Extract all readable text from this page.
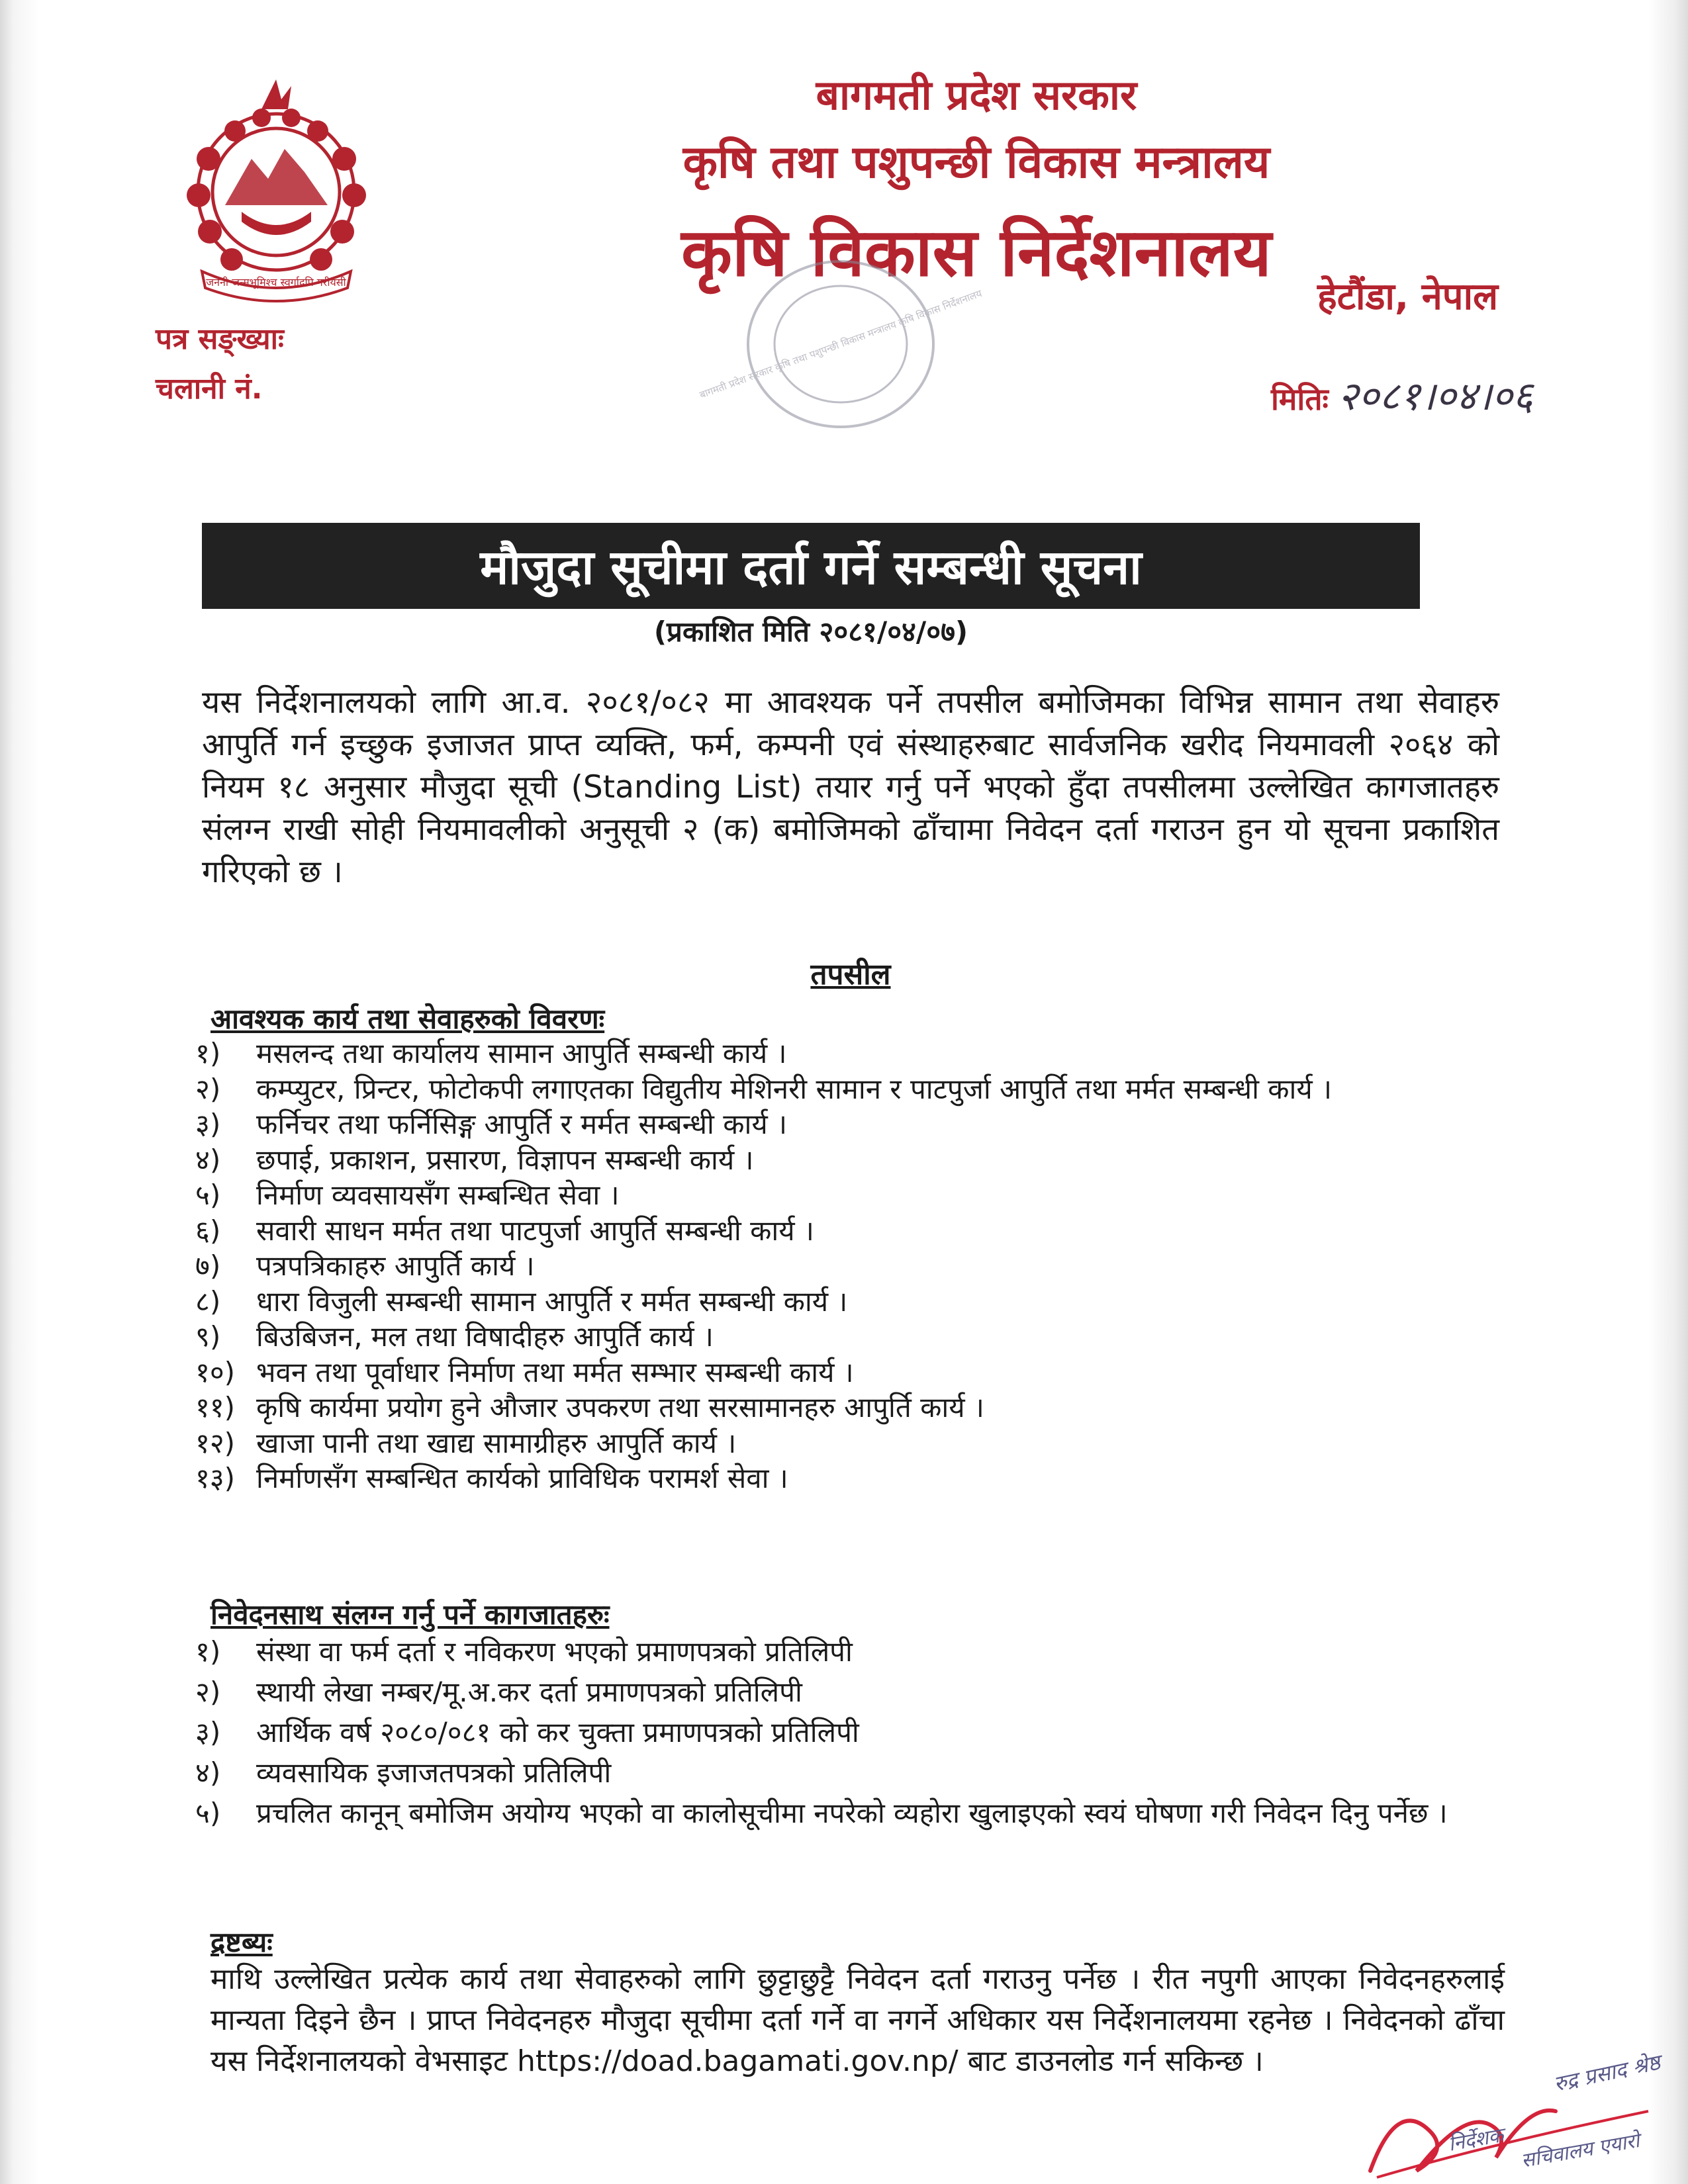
जननी जन्मभूमिश्च स्वर्गादपि गरीयसी
बागमती प्रदेश सरकार
कृषि तथा पशुपन्छी विकास मन्त्रालय
कृषि विकास निर्देशनालय
हेटौंडा, नेपाल
बागमती प्रदेश सरकार कृषि तथा पशुपन्छी विकास मन्त्रालय कृषि विकास निर्देशनालय
पत्र सङ्ख्याः
चलानी नं.	मितिः २०८१।०४।०६
मौजुदा सूचीमा दर्ता गर्ने सम्बन्धी सूचना
(प्रकाशित मिति २०८१/०४/०७)

यस निर्देशनालयको लागि आ.व. २०८१/०८२ मा आवश्यक पर्ने तपसील बमोजिमका विभिन्न सामान तथा सेवाहरु आपुर्ति गर्न इच्छुक इजाजत प्राप्त व्यक्ति, फर्म, कम्पनी एवं संस्थाहरुबाट सार्वजनिक खरीद नियमावली २०६४ को नियम १८ अनुसार मौजुदा सूची (Standing List) तयार गर्नु पर्ने भएको हुँदा तपसीलमा उल्लेखित कागजातहरु संलग्न राखी सोही नियमावलीको अनुसूची २ (क) बमोजिमको ढाँचामा निवेदन दर्ता गराउन हुन यो सूचना प्रकाशित गरिएको छ ।

तपसील
आवश्यक कार्य तथा सेवाहरुको विवरणः
१)	मसलन्द तथा कार्यालय सामान आपुर्ति सम्बन्धी कार्य ।
२)	कम्प्युटर, प्रिन्टर, फोटोकपी लगाएतका विद्युतीय मेशिनरी सामान र पाटपुर्जा आपुर्ति तथा मर्मत सम्बन्धी कार्य ।
३)	फर्निचर तथा फर्निसिङ्ग आपुर्ति र मर्मत सम्बन्धी कार्य ।
४)	छपाई, प्रकाशन, प्रसारण, विज्ञापन सम्बन्धी कार्य ।
५)	निर्माण व्यवसायसँग सम्बन्धित सेवा ।
६)	सवारी साधन मर्मत तथा पाटपुर्जा आपुर्ति सम्बन्धी कार्य ।
७)	पत्रपत्रिकाहरु आपुर्ति कार्य ।
८)	धारा विजुली सम्बन्धी सामान आपुर्ति र मर्मत सम्बन्धी कार्य ।
९)	बिउबिजन, मल तथा विषादीहरु आपुर्ति कार्य ।
१०) भवन तथा पूर्वाधार निर्माण तथा मर्मत सम्भार सम्बन्धी कार्य ।
११) कृषि कार्यमा प्रयोग हुने औजार उपकरण तथा सरसामानहरु आपुर्ति कार्य ।
१२) खाजा पानी तथा खाद्य सामाग्रीहरु आपुर्ति कार्य ।
१३) निर्माणसँग सम्बन्धित कार्यको प्राविधिक परामर्श सेवा ।
निवेदनसाथ संलग्न गर्नु पर्ने कागजातहरुः
१)	संस्था वा फर्म दर्ता र नविकरण भएको प्रमाणपत्रको प्रतिलिपी
२)	स्थायी लेखा नम्बर/मू.अ.कर दर्ता प्रमाणपत्रको प्रतिलिपी
३)	आर्थिक वर्ष २०८०/०८१ को कर चुक्ता प्रमाणपत्रको प्रतिलिपी
४)	व्यवसायिक इजाजतपत्रको प्रतिलिपी
५)	प्रचलित कानून् बमोजिम अयोग्य भएको वा कालोसूचीमा नपरेको व्यहोरा खुलाइएको स्वयं घोषणा गरी निवेदन दिनु पर्नेछ ।
द्रष्टब्यः

माथि उल्लेखित प्रत्येक कार्य तथा सेवाहरुको लागि छुट्टाछुट्टै निवेदन दर्ता गराउनु पर्नेछ । रीत नपुगी आएका निवेदनहरुलाई मान्यता दिइने छैन । प्राप्त निवेदनहरु मौजुदा सूचीमा दर्ता गर्ने वा नगर्ने अधिकार यस निर्देशनालयमा रहनेछ । निवेदनको ढाँचा यस निर्देशनालयको वेभसाइट https://doad.bagamati.gov.np/ बाट डाउनलोड गर्न सकिन्छ ।	रुद्र प्रसाद श्रेष्ठ
निर्देशक सचिवालय एयारो
